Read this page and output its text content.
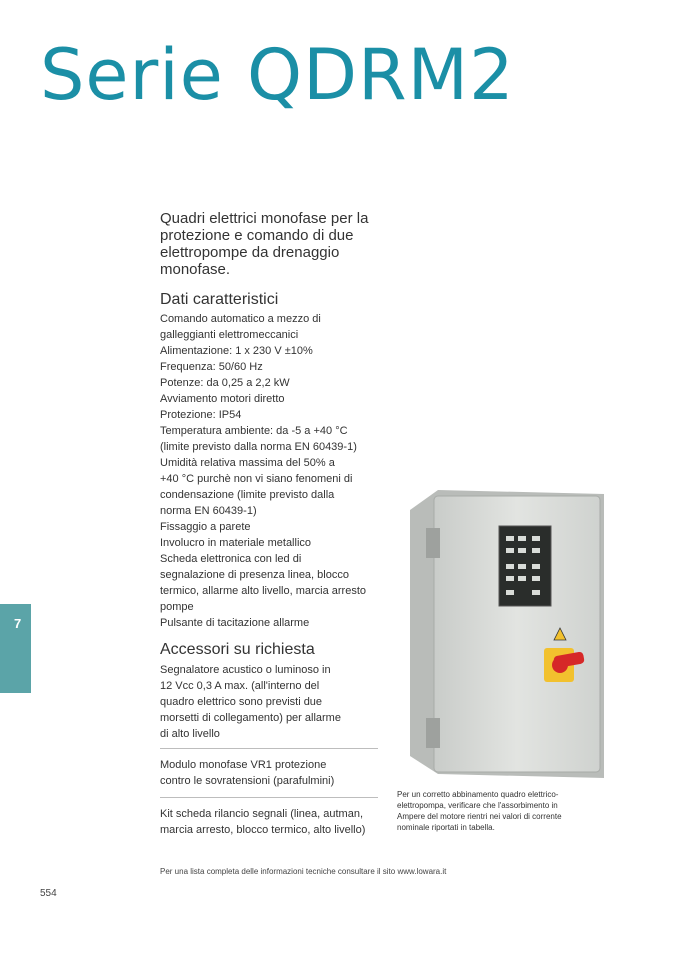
Serie QDRM2
Quadri elettrici monofase per la protezione e comando di due elettropompe da drenaggio monofase.
Dati caratteristici
Comando automatico a mezzo di
galleggianti elettromeccanici
Alimentazione: 1 x 230 V ±10%
Frequenza: 50/60 Hz
Potenze: da 0,25 a 2,2 kW
Avviamento motori diretto
Protezione: IP54
Temperatura ambiente: da -5 a +40 °C
(limite previsto dalla norma EN 60439-1)
Umidità relativa massima del 50% a
+40 °C purchè non vi siano fenomeni di
condensazione (limite previsto dalla
norma EN 60439-1)
Fissaggio a parete
Involucro in materiale metallico
Scheda elettronica con led di
segnalazione di presenza linea, blocco
termico, allarme alto livello, marcia arresto
pompe
Pulsante di tacitazione allarme
Accessori su richiesta
Segnalatore acustico o luminoso in
12 Vcc 0,3 A max. (all'interno del
quadro elettrico sono previsti due
morsetti di collegamento) per allarme
di alto livello
Modulo monofase VR1 protezione
contro le sovratensioni (parafulmini)
Kit scheda rilancio segnali (linea, autman,
marcia arresto, blocco termico, alto livello)
7
Per un corretto abbinamento quadro elettrico-
elettropompa, verificare che l'assorbimento in
Ampere del motore rientri nei valori di corrente
nominale riportati in tabella.
Per una lista completa delle informazioni tecniche consultare il sito www.lowara.it
554
